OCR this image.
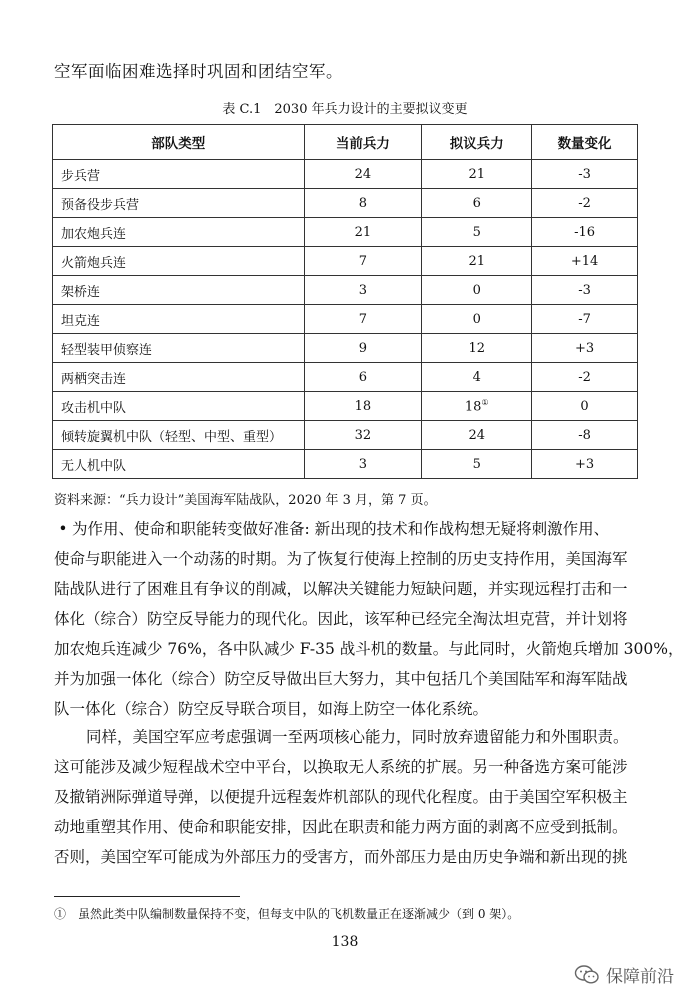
空军面临困难选择时巩固和团结空军。
表 C.1　2030 年兵力设计的主要拟议变更
部队类型	当前兵力	拟议兵力	数量变化
步兵营	24	21	-3
预备役步兵营	8	6	-2
加农炮兵连	21	5	-16
火箭炮兵连	7	21	+14
架桥连	3	0	-3
坦克连	7	0	-7
轻型装甲侦察连	9	12	+3
两栖突击连	6	4	-2
攻击机中队	18	18①	0
倾转旋翼机中队（轻型、中型、重型）	32	24	-8
无人机中队	3	5	+3
资料来源：“兵力设计”美国海军陆战队，2020 年 3 月，第 7 页。
• 为作用、使命和职能转变做好准备: 新出现的技术和作战构想无疑将刺激作用、
使命与职能进入一个动荡的时期。为了恢复行使海上控制的历史支持作用，美国海军
陆战队进行了困难且有争议的削减，以解决关键能力短缺问题，并实现远程打击和一
体化（综合）防空反导能力的现代化。因此，该军种已经完全淘汰坦克营，并计划将
加农炮兵连减少 76%，各中队减少 F-35 战斗机的数量。与此同时，火箭炮兵增加 300%，
并为加强一体化（综合）防空反导做出巨大努力，其中包括几个美国陆军和海军陆战
队一体化（综合）防空反导联合项目，如海上防空一体化系统。
同样，美国空军应考虑强调一至两项核心能力，同时放弃遗留能力和外围职责。
这可能涉及减少短程战术空中平台，以换取无人系统的扩展。另一种备选方案可能涉
及撤销洲际弹道导弹，以便提升远程轰炸机部队的现代化程度。由于美国空军积极主
动地重塑其作用、使命和职能安排，因此在职责和能力两方面的剥离不应受到抵制。
否则，美国空军可能成为外部压力的受害方，而外部压力是由历史争端和新出现的挑
①　虽然此类中队编制数量保持不变，但每支中队的飞机数量正在逐渐减少（到 0 架）。
138
保障前沿
